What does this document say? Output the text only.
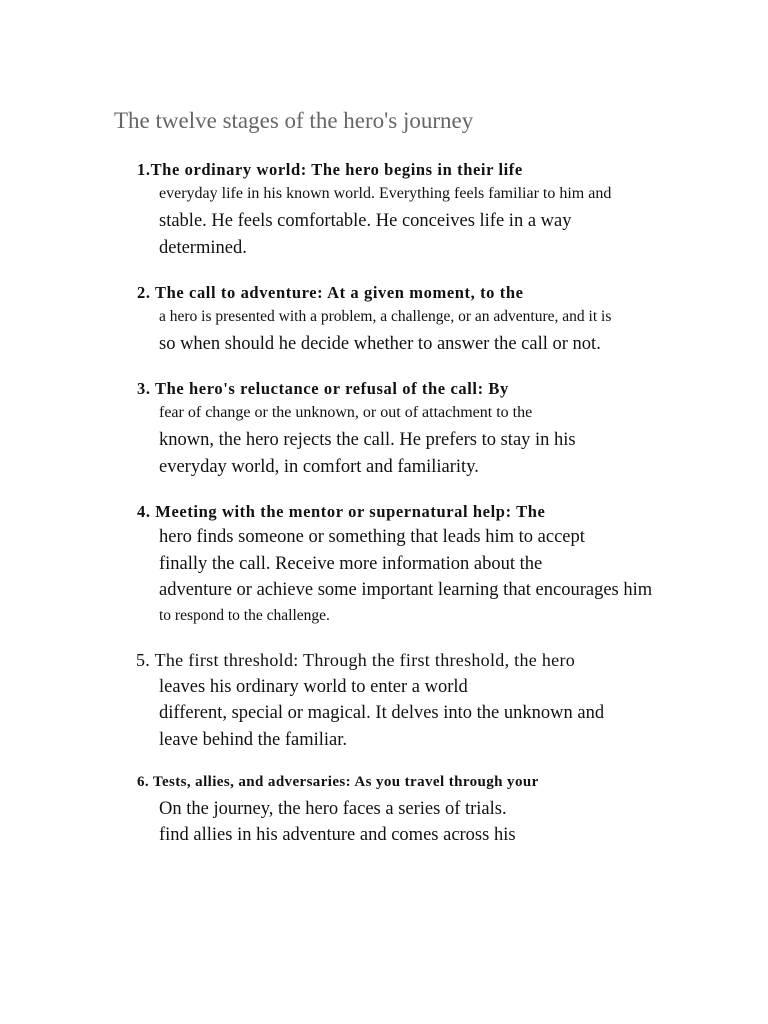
The twelve stages of the hero's journey

1.The ordinary world: The hero begins in their life

everyday life in his known world. Everything feels familiar to him and

stable. He feels comfortable. He conceives life in a way

determined.

2. The call to adventure: At a given moment, to the

a hero is presented with a problem, a challenge, or an adventure, and it is

so when should he decide whether to answer the call or not.

3. The hero's reluctance or refusal of the call: By

fear of change or the unknown, or out of attachment to the

known, the hero rejects the call. He prefers to stay in his

everyday world, in comfort and familiarity.

4. Meeting with the mentor or supernatural help: The

hero finds someone or something that leads him to accept

finally the call. Receive more information about the

adventure or achieve some important learning that encourages him

to respond to the challenge.

5. The first threshold: Through the first threshold, the hero

leaves his ordinary world to enter a world

different, special or magical. It delves into the unknown and

leave behind the familiar.

6. Tests, allies, and adversaries: As you travel through your

On the journey, the hero faces a series of trials.

find allies in his adventure and comes across his
